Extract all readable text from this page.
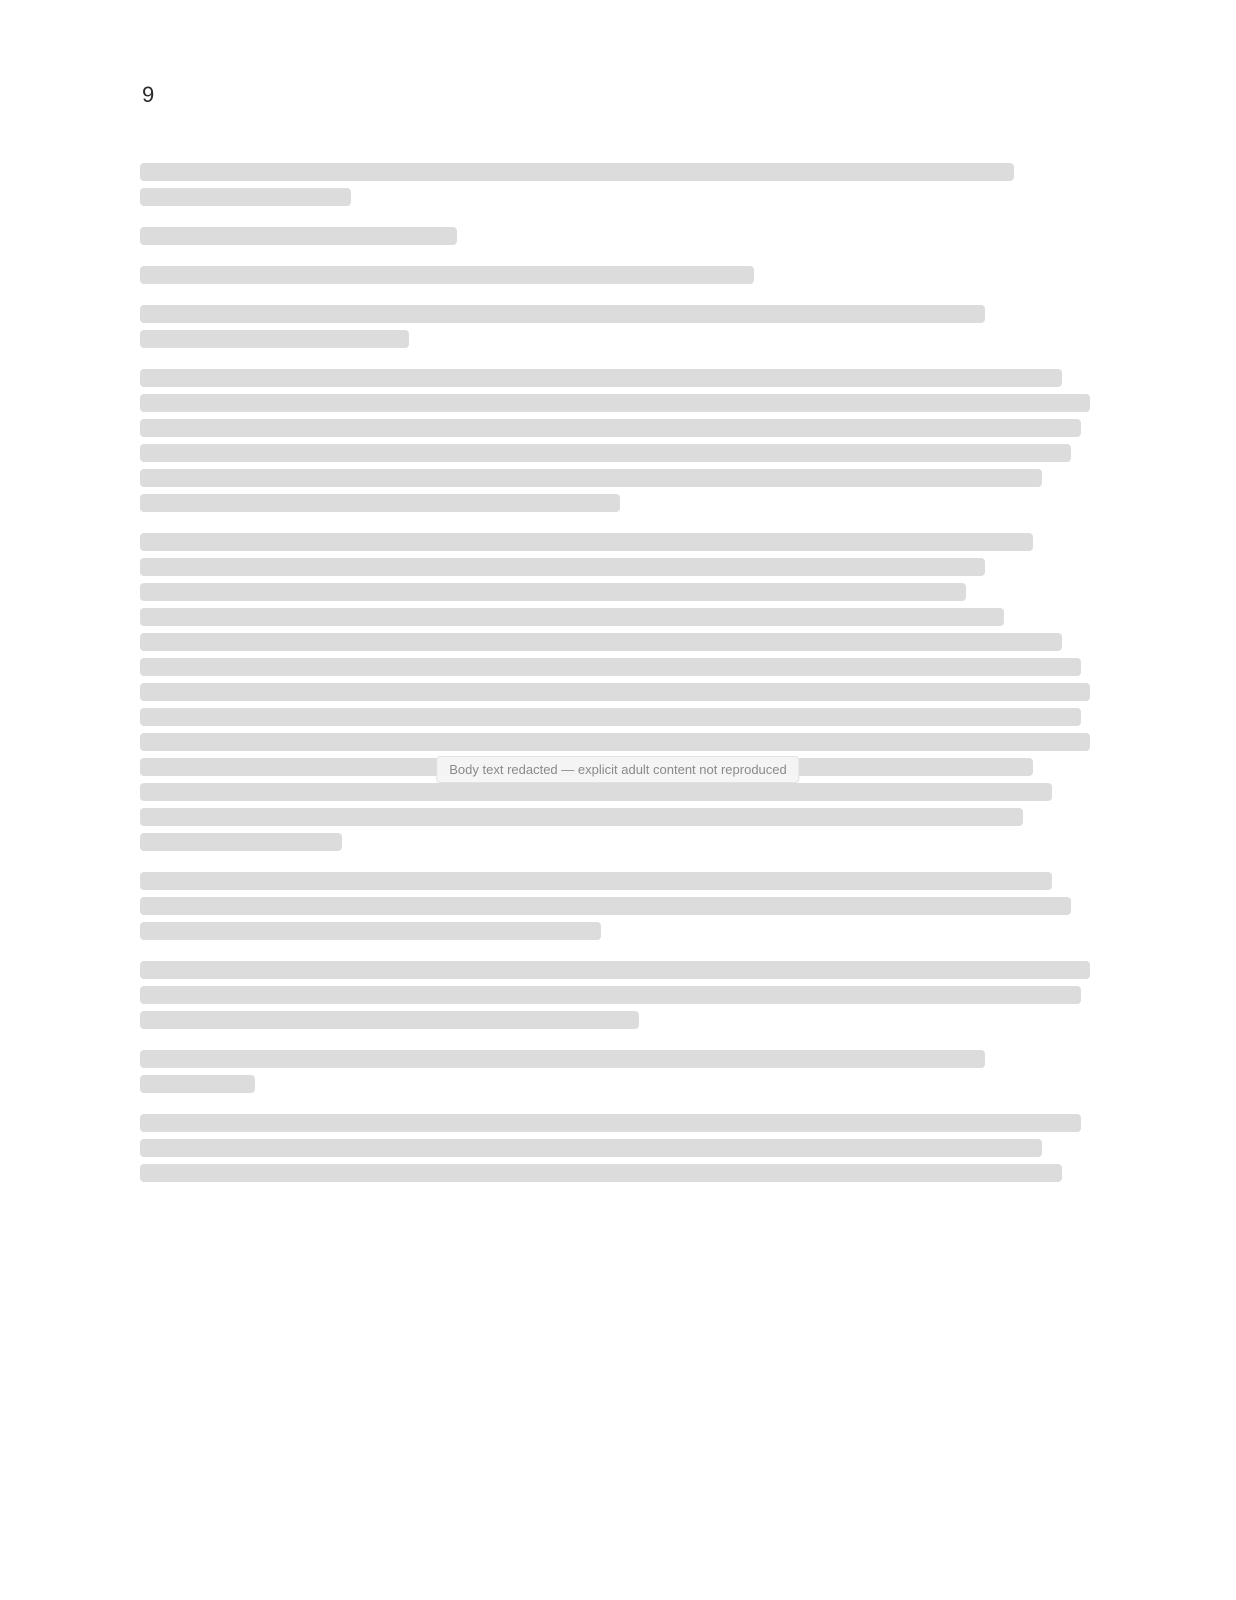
9
Body text redacted — explicit adult content not reproduced
